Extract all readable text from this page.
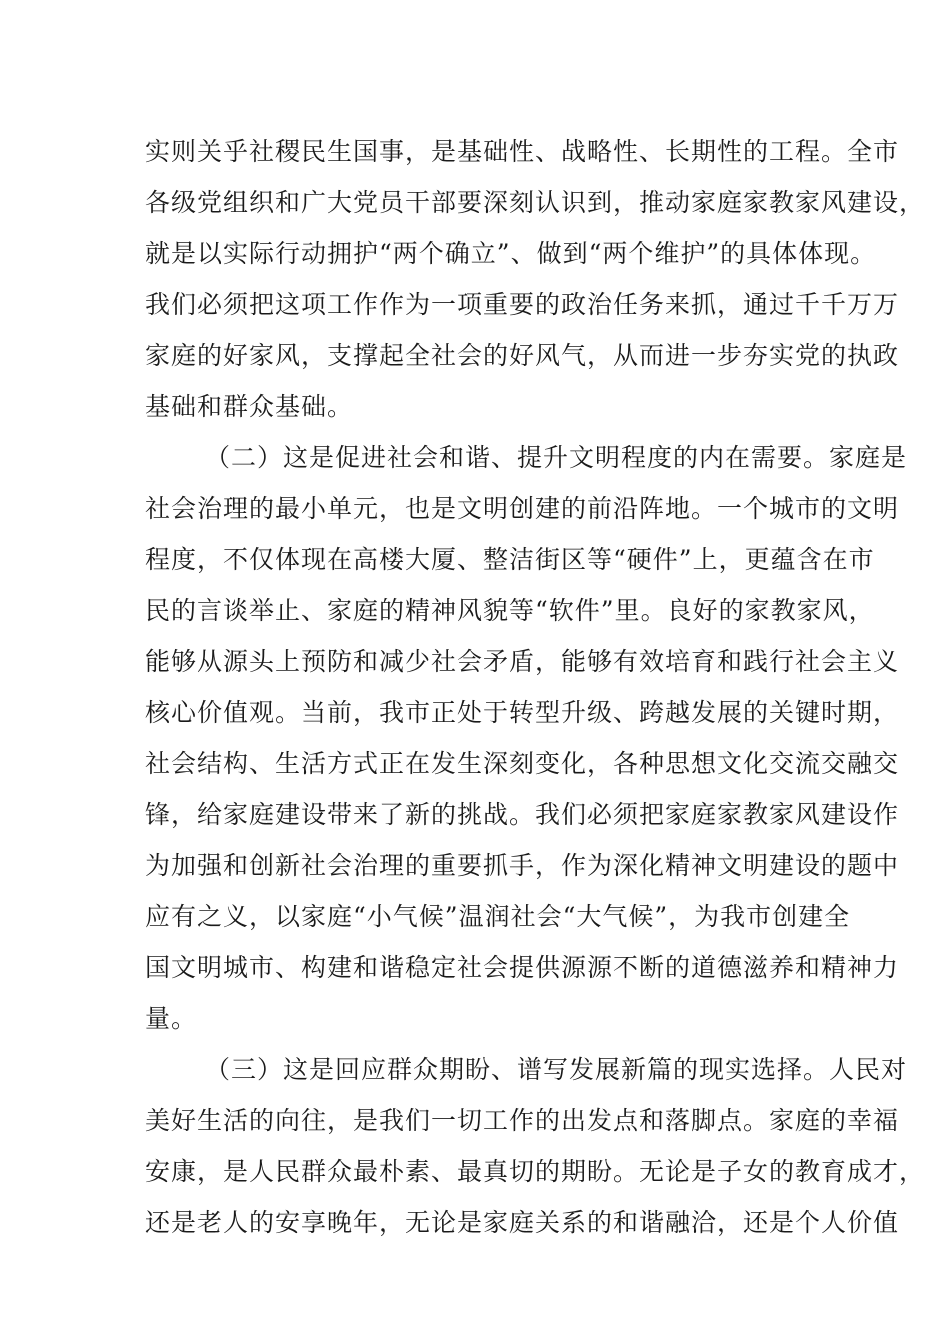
实则关乎社稷民生国事，是基础性、战略性、长期性的工程。全市
各级党组织和广大党员干部要深刻认识到，推动家庭家教家风建设，
就是以实际行动拥护“两个确立”、做到“两个维护”的具体体现。
我们必须把这项工作作为一项重要的政治任务来抓，通过千千万万
家庭的好家风，支撑起全社会的好风气，从而进一步夯实党的执政
基础和群众基础。
（二）这是促进社会和谐、提升文明程度的内在需要。家庭是
社会治理的最小单元，也是文明创建的前沿阵地。一个城市的文明
程度，不仅体现在高楼大厦、整洁街区等“硬件”上，更蕴含在市
民的言谈举止、家庭的精神风貌等“软件”里。良好的家教家风，
能够从源头上预防和减少社会矛盾，能够有效培育和践行社会主义
核心价值观。当前，我市正处于转型升级、跨越发展的关键时期，
社会结构、生活方式正在发生深刻变化，各种思想文化交流交融交
锋，给家庭建设带来了新的挑战。我们必须把家庭家教家风建设作
为加强和创新社会治理的重要抓手，作为深化精神文明建设的题中
应有之义，以家庭“小气候”温润社会“大气候”，为我市创建全
国文明城市、构建和谐稳定社会提供源源不断的道德滋养和精神力
量。
（三）这是回应群众期盼、谱写发展新篇的现实选择。人民对
美好生活的向往，是我们一切工作的出发点和落脚点。家庭的幸福
安康，是人民群众最朴素、最真切的期盼。无论是子女的教育成才，
还是老人的安享晚年，无论是家庭关系的和谐融洽，还是个人价值
